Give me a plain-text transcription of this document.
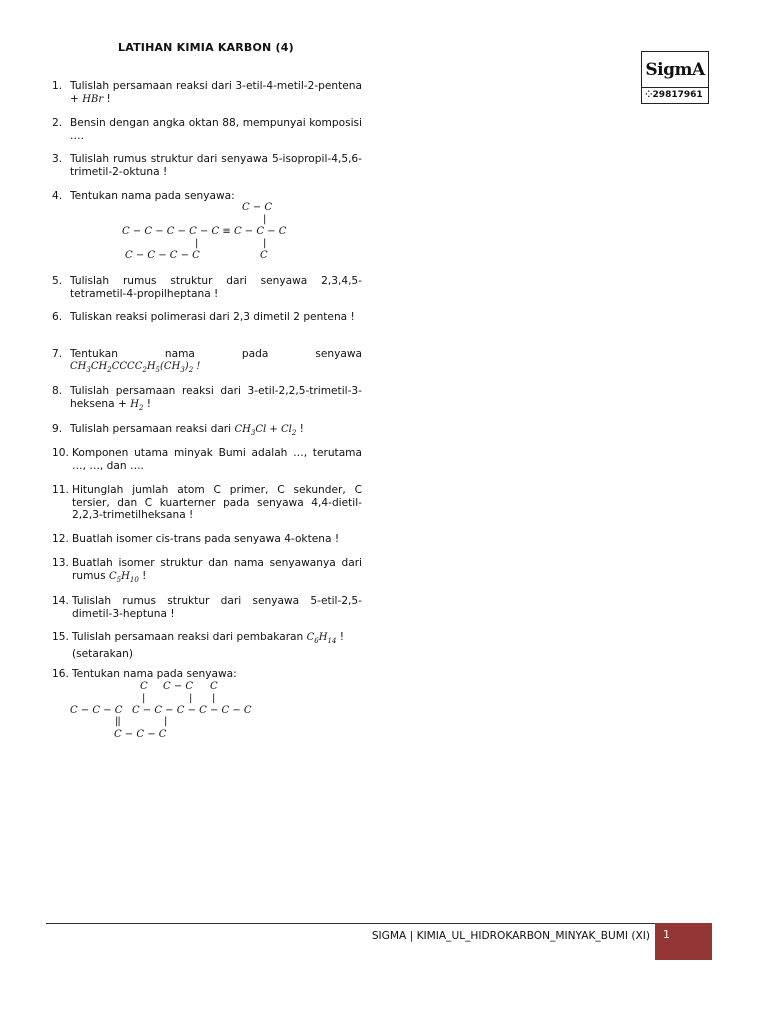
LATIHAN KIMIA KARBON (4)
SigmA
⁘29817961
1. Tulislah persamaan reaksi dari 3-etil-4-metil-2-pentena + HBr !
2. Bensin dengan angka oktan 88, mempunyai komposisi ….
3. Tulislah rumus struktur dari senyawa 5-isopropil-4,5,6-trimetil-2-oktuna !
4. Tentukan nama pada senyawa:
C − C
|
C − C − C − C − C ≡ C − C − C
|	|
C − C − C − C	C
5. Tulislah rumus struktur dari senyawa 2,3,4,5-tetrametil-4-propilheptana !
6. Tuliskan reaksi polimerasi dari 2,3 dimetil 2 pentena !
7. Tentukan nama pada senyawa
$CH_3CH_2CCCC_2H_5(CH_3)_2$ !
8. Tulislah persamaan reaksi dari 3-etil-2,2,5-trimetil-3-heksena + $H_2$ !
9. Tulislah persamaan reaksi dari $CH_3Cl + Cl_2$ !
10. Komponen utama minyak Bumi adalah …, terutama …, …, dan ….
11. Hitunglah jumlah atom C primer, C sekunder, C tersier, dan C kuarterner pada senyawa 4,4-dietil-2,2,3-trimetilheksana !
12. Buatlah isomer cis-trans pada senyawa 4-oktena !
13. Buatlah isomer struktur dan nama senyawanya dari rumus $C_5H_{10}$ !
14. Tulislah rumus struktur dari senyawa 5-etil-2,5-dimetil-3-heptuna !
15. Tulislah persamaan reaksi dari pembakaran $C_6H_{14}$ ! (setarakan)
16. Tentukan nama pada senyawa:
C C − C C
|	| |
C − C − C   C − C − C − C − C − C
||	|
C − C − C
SIGMA | KIMIA_UL_HIDROKARBON_MINYAK_BUMI (XI) 1
